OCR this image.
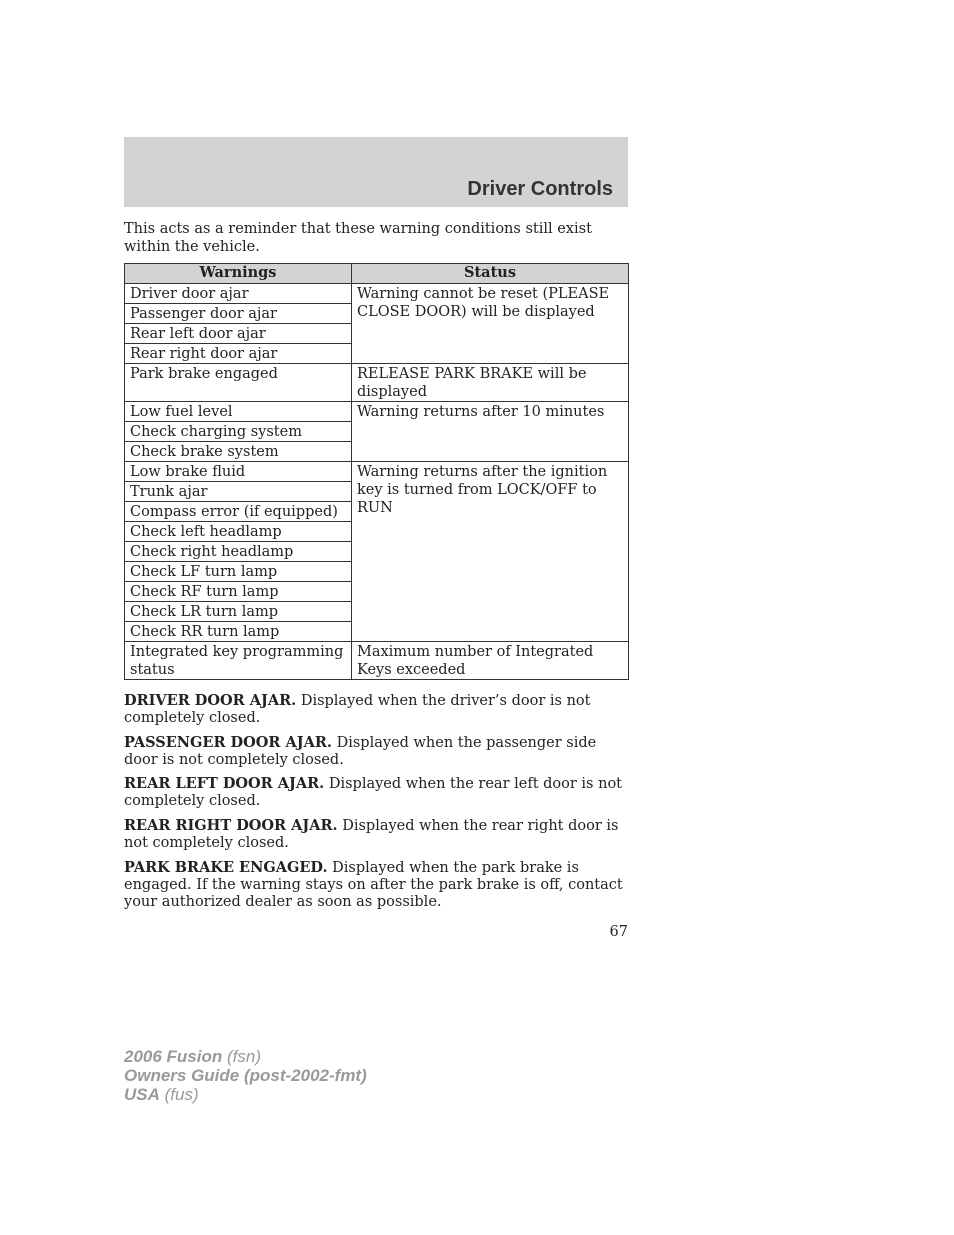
Driver Controls
This acts as a reminder that these warning conditions still exist within the vehicle.
Warnings	Status
Driver door ajar	Warning cannot be reset (PLEASE CLOSE DOOR) will be displayed
Passenger door ajar	
Rear left door ajar	
Rear right door ajar	
Park brake engaged	RELEASE PARK BRAKE will be displayed
Low fuel level	Warning returns after 10 minutes
Check charging system	
Check brake system	
Low brake fluid	Warning returns after the ignition key is turned from LOCK/OFF to RUN
Trunk ajar	
Compass error (if equipped)	
Check left headlamp	
Check right headlamp	
Check LF turn lamp	
Check RF turn lamp	
Check LR turn lamp	
Check RR turn lamp	
Integrated key programming status	Maximum number of Integrated Keys exceeded
DRIVER DOOR AJAR. Displayed when the driver’s door is not completely closed.
PASSENGER DOOR AJAR. Displayed when the passenger side door is not completely closed.
REAR LEFT DOOR AJAR. Displayed when the rear left door is not completely closed.
REAR RIGHT DOOR AJAR. Displayed when the rear right door is not completely closed.
PARK BRAKE ENGAGED. Displayed when the park brake is engaged. If the warning stays on after the park brake is off, contact your authorized dealer as soon as possible.
67
2006 Fusion (fsn)
Owners Guide (post-2002-fmt)
USA (fus)
